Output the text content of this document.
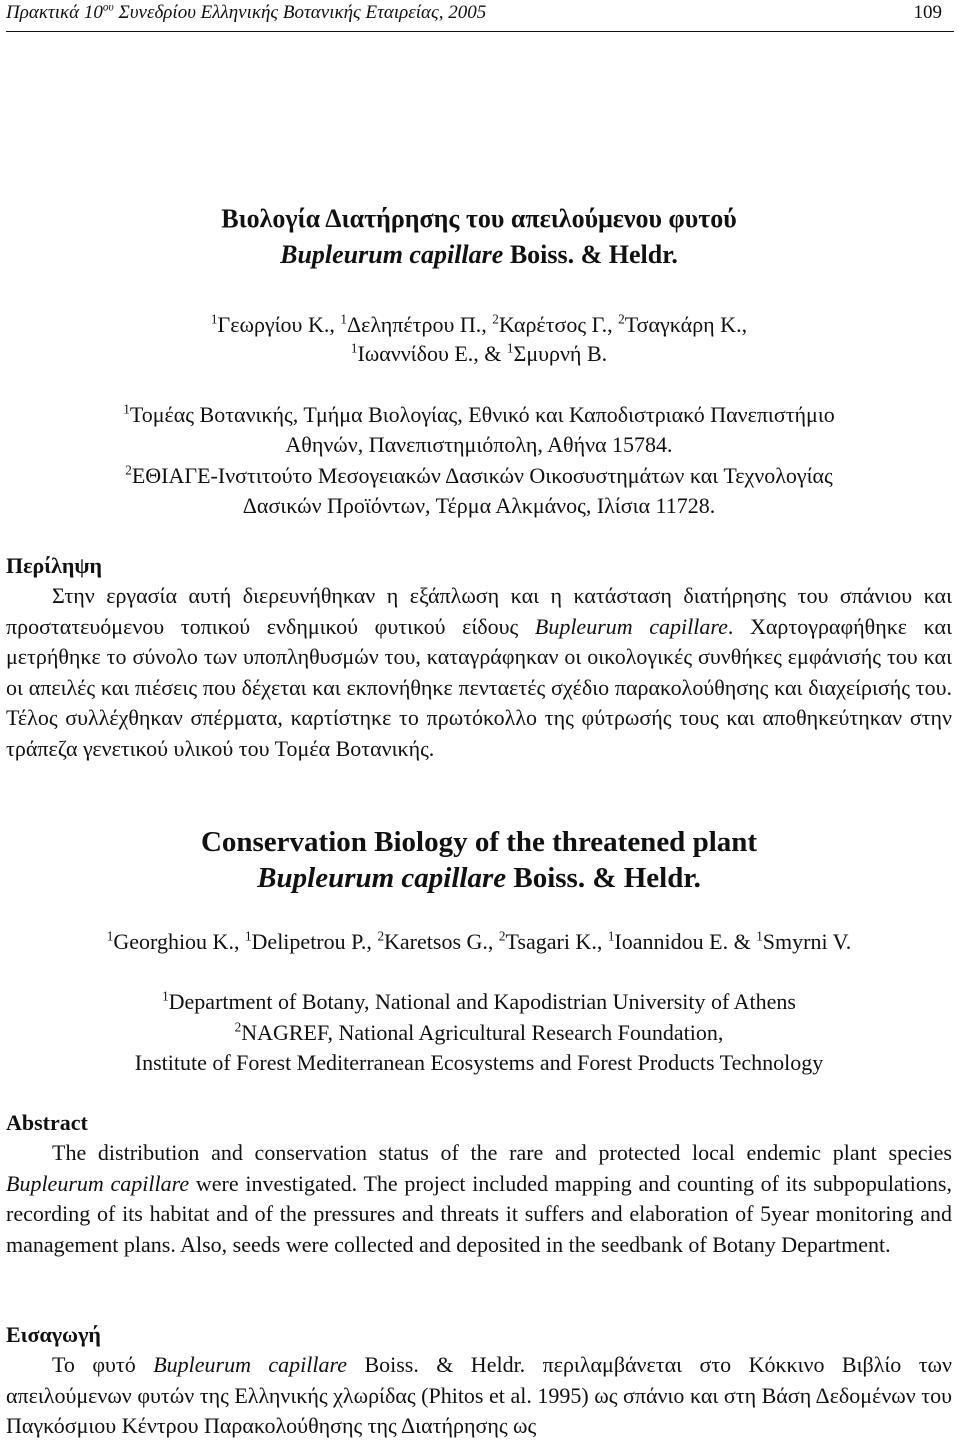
Πρακτικά $10^{o\upsilon}$ Συνεδρίου Ελληνικής Βοτανικής Εταιρείας, 2005	109
Βιολογία Διατήρησης του απειλούμενου φυτού
Bupleurum capillare Boiss. & Heldr.
$^1$Γεωργίου Κ., $^1$Δεληπέτρου Π., $^2$Καρέτσος Γ., $^2$Τσαγκάρη Κ.,
$^1$Ιωαννίδου Ε., & $^1$Σμυρνή Β.
$^1$Τομέας Βοτανικής, Τμήμα Βιολογίας, Εθνικό και Καποδιστριακό Πανεπιστήμιο
Αθηνών, Πανεπιστημιόπολη, Αθήνα 15784.
$^2$ΕΘΙΑΓΕ-Ινστιτούτο Μεσογειακών Δασικών Οικοσυστημάτων και Τεχνολογίας
Δασικών Προϊόντων, Τέρμα Αλκμάνος, Ιλίσια 11728.
Περίληψη

Στην εργασία αυτή διερευνήθηκαν η εξάπλωση και η κατάσταση διατήρησης του σπάνιου και προστατευόμενου τοπικού ενδημικού φυτικού είδους Bupleurum capillare. Χαρτογραφήθηκε και μετρήθηκε το σύνολο των υποπληθυσμών του, καταγράφηκαν οι οικολογικές συνθήκες εμφάνισής του και οι απειλές και πιέσεις που δέχεται και εκπονήθηκε πενταετές σχέδιο παρακολούθησης και διαχείρισής του. Τέλος συλλέχθηκαν σπέρματα, καρτίστηκε το πρωτόκολλο της φύτρωσής τους και αποθηκεύτηκαν στην τράπεζα γενετικού υλικού του Τομέα Βοτανικής.

Conservation Biology of the threatened plant
Bupleurum capillare Boiss. & Heldr.
$^1$Georghiou K., $^1$Delipetrou P., $^2$Karetsos G., $^2$Tsagari K., $^1$Ioannidou E. & $^1$Smyrni V.
$^1$Department of Botany, National and Kapodistrian University of Athens
$^2$NAGREF, National Agricultural Research Foundation,
Institute of Forest Mediterranean Ecosystems and Forest Products Technology
Abstract

The distribution and conservation status of the rare and protected local endemic plant species Bupleurum capillare were investigated. The project included mapping and counting of its subpopulations, recording of its habitat and of the pressures and threats it suffers and elaboration of 5year monitoring and management plans. Also, seeds were collected and deposited in the seedbank of Botany Department.

Εισαγωγή

Το φυτό Bupleurum capillare Boiss. & Heldr. περιλαμβάνεται στο Κόκκινο Βιβλίο των απειλούμενων φυτών της Ελληνικής χλωρίδας (Phitos et al. 1995) ως σπάνιο και στη Βάση Δεδομένων του Παγκόσμιου Κέντρου Παρακολούθησης της Διατήρησης ως
